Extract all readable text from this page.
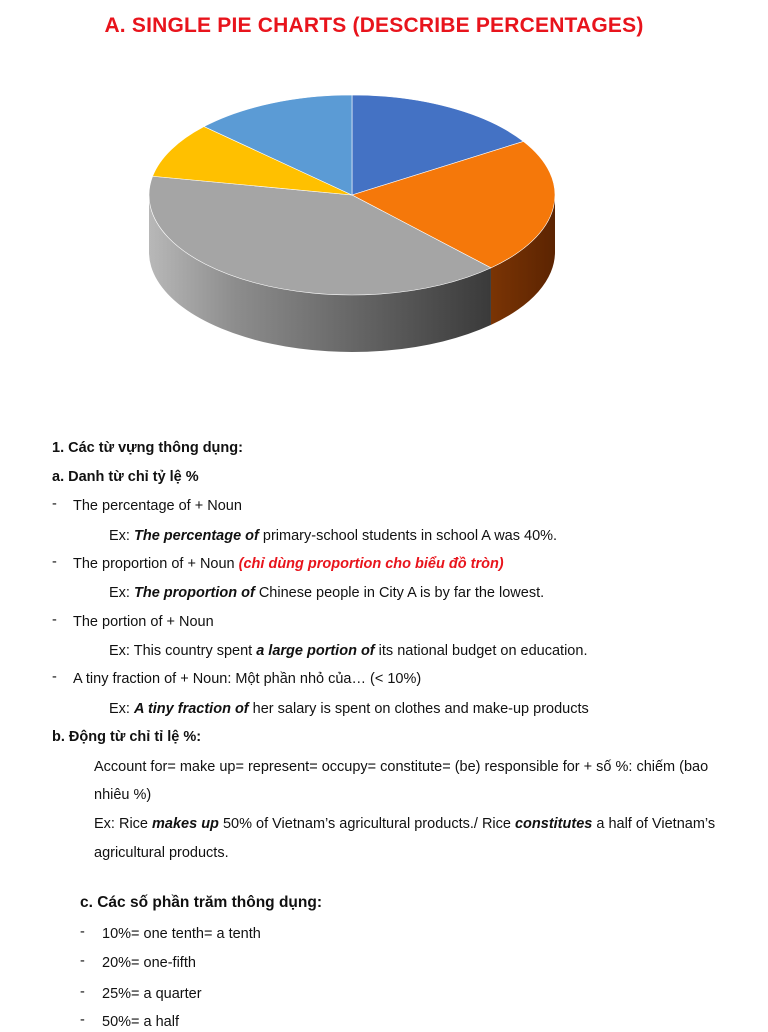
A. SINGLE PIE CHARTS (DESCRIBE PERCENTAGES)
1. Các từ vựng thông dụng:
a. Danh từ chỉ tỷ lệ %
- The percentage of + Noun
Ex: The percentage of primary-school students in school A was 40%.
- The proportion of + Noun (chỉ dùng proportion cho biểu đồ tròn)
Ex: The proportion of Chinese people in City A is by far the lowest.
- The portion of + Noun
Ex: This country spent a large portion of its national budget on education.
- A tiny fraction of + Noun: Một phần nhỏ của… (< 10%)
Ex: A tiny fraction of her salary is spent on clothes and make-up products
b. Động từ chỉ tỉ lệ %:
Account for= make up= represent= occupy= constitute= (be) responsible for + số %: chiếm (bao
nhiêu %)
Ex: Rice makes up 50% of Vietnam’s agricultural products./ Rice constitutes a half of Vietnam’s
agricultural products.
c. Các số phần trăm thông dụng:
- 10%= one tenth= a tenth
- 20%= one-fifth
- 25%= a quarter
- 50%= a half
